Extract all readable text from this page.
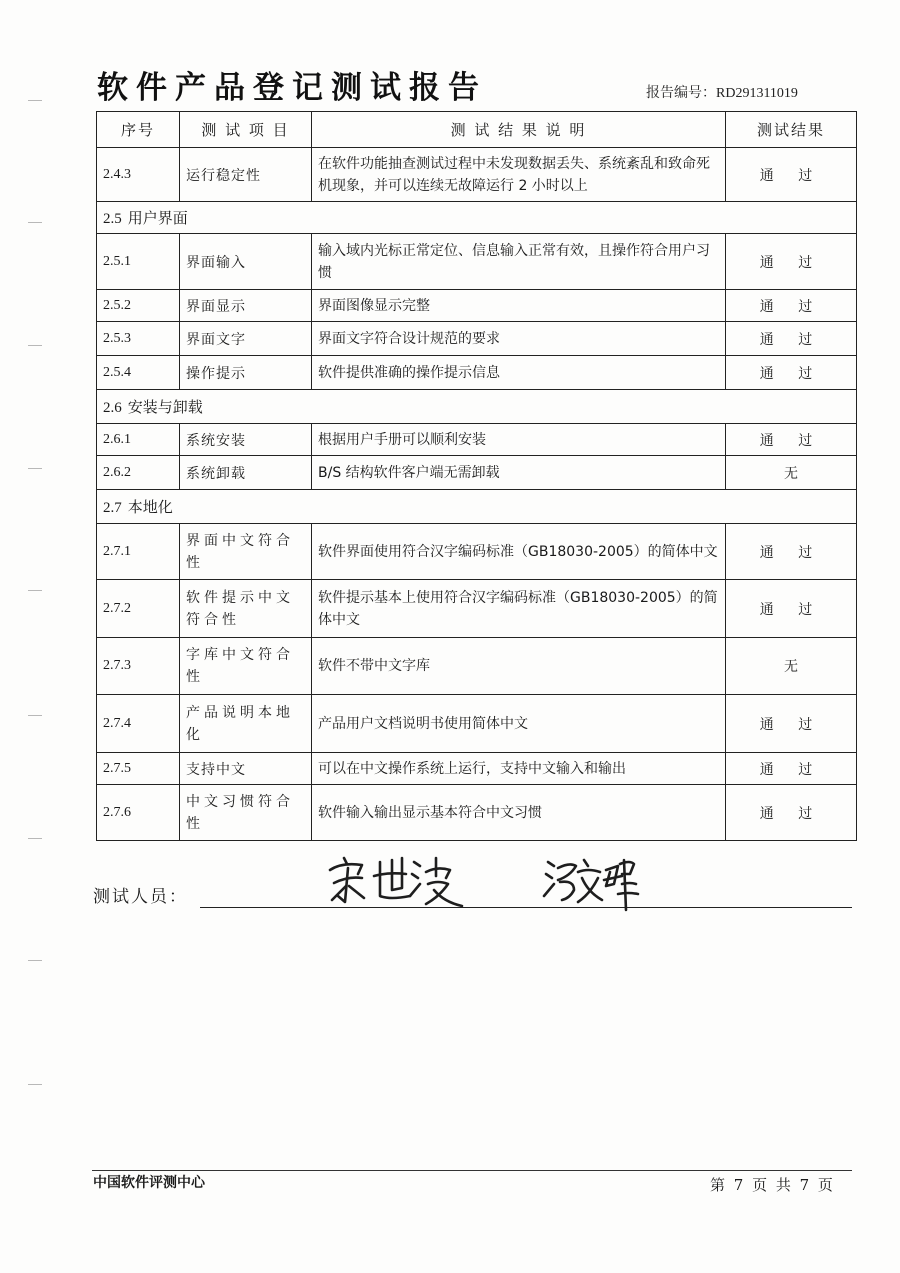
软件产品登记测试报告	报告编号：RD291311019
序号	测 试 项 目	测 试 结 果 说 明	测试结果
2.4.3	运行稳定性	在软件功能抽查测试过程中未发现数据丢失、系统紊乱和致命死机现象，并可以连续无故障运行 2 小时以上	通 过
2.5 用户界面			
2.5.1	界面输入	输入域内光标正常定位、信息输入正常有效，且操作符合用户习惯	通 过
2.5.2	界面显示	界面图像显示完整	通 过
2.5.3	界面文字	界面文字符合设计规范的要求	通 过
2.5.4	操作提示	软件提供准确的操作提示信息	通 过
2.6 安装与卸载			
2.6.1	系统安装	根据用户手册可以顺利安装	通 过
2.6.2	系统卸载	B/S 结构软件客户端无需卸载	无
2.7 本地化			
2.7.1	界面中文符合性	软件界面使用符合汉字编码标准（GB18030-2005）的简体中文	通 过
2.7.2	软件提示中文符合性	软件提示基本上使用符合汉字编码标准（GB18030-2005）的简体中文	通 过
2.7.3	字库中文符合性	软件不带中文字库	无
2.7.4	产品说明本地化	产品用户文档说明书使用简体中文	通 过
2.7.5	支持中文	可以在中文操作系统上运行，支持中文输入和输出	通 过
2.7.6	中文习惯符合性	软件输入输出显示基本符合中文习惯	通 过
测试人员：
中国软件评测中心	第 7 页 共 7 页
